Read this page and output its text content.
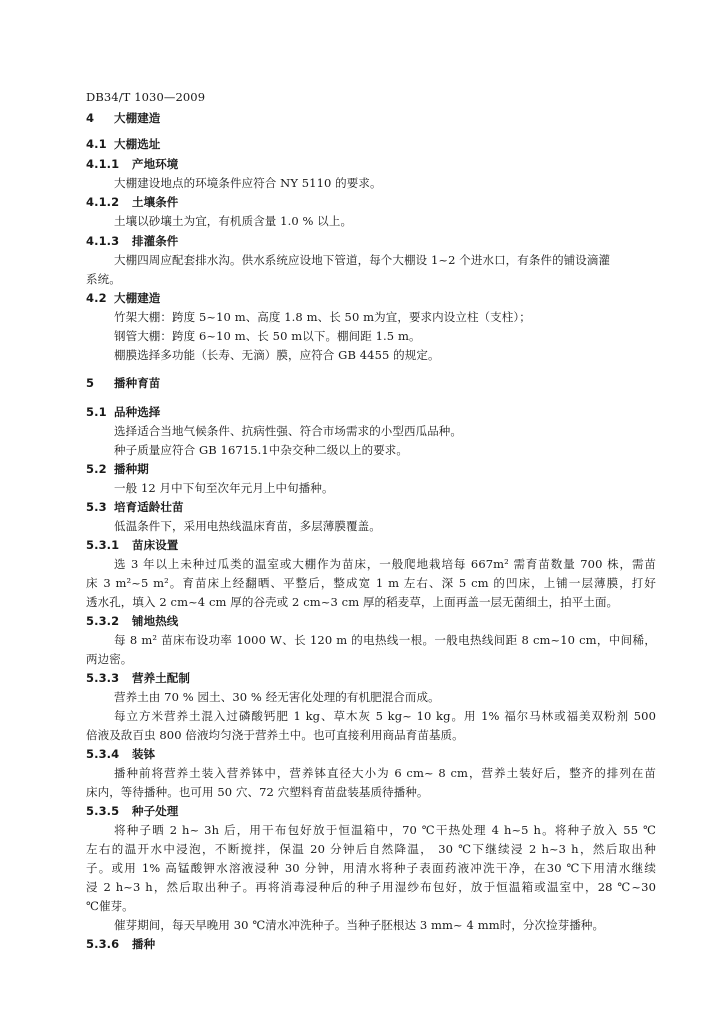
DB34/T 1030—2009
4 大棚建造
4.1 大棚选址
4.1.1 产地环境
大棚建设地点的环境条件应符合 NY 5110 的要求。
4.1.2 土壤条件
土壤以砂壤土为宜，有机质含量 1.0 % 以上。
4.1.3 排灌条件
大棚四周应配套排水沟。供水系统应设地下管道，每个大棚设 1~2 个进水口，有条件的铺设滴灌
系统。
4.2 大棚建造
竹架大棚：跨度 5~10 m、高度 1.8 m、长 50 m为宜，要求内设立柱（支柱）；
钢管大棚：跨度 6~10 m、长 50 m以下。棚间距 1.5 m。
棚膜选择多功能（长寿、无滴）膜，应符合 GB 4455 的规定。
5 播种育苗
5.1 品种选择
选择适合当地气候条件、抗病性强、符合市场需求的小型西瓜品种。
种子质量应符合 GB 16715.1中杂交种二级以上的要求。
5.2 播种期
一般 12 月中下旬至次年元月上中旬播种。
5.3 培育适龄壮苗
低温条件下，采用电热线温床育苗，多层薄膜覆盖。
5.3.1 苗床设置
选 3 年以上未种过瓜类的温室或大棚作为苗床，一般爬地栽培每 667m² 需育苗数量 700 株，需苗
床 3 m²~5 m²。育苗床上经翻晒、平整后，整成宽 1 m 左右、深 5 cm 的凹床，上铺一层薄膜，打好
透水孔，填入 2 cm~4 cm 厚的谷壳或 2 cm~3 cm 厚的稻麦草，上面再盖一层无菌细土，拍平土面。
5.3.2 铺地热线
每 8 m² 苗床布设功率 1000 W、长 120 m 的电热线一根。一般电热线间距 8 cm~10 cm，中间稀，
两边密。
5.3.3 营养土配制
营养土由 70 % 园土、30 % 经无害化处理的有机肥混合而成。
每立方米营养土混入过磷酸钙肥 1 kg、草木灰 5 kg~ 10 kg。用 1% 福尔马林或福美双粉剂 500
倍液及敌百虫 800 倍液均匀浇于营养土中。也可直接利用商品育苗基质。
5.3.4 装钵
播种前将营养土装入营养钵中，营养钵直径大小为 6 cm~ 8 cm，营养土装好后，整齐的排列在苗
床内，等待播种。也可用 50 穴、72 穴塑料育苗盘装基质待播种。
5.3.5 种子处理
将种子晒 2 h~ 3h 后，用干布包好放于恒温箱中，70 ℃干热处理 4 h~5 h。将种子放入 55 ℃
左右的温开水中浸泡，不断搅拌，保温 20 分钟后自然降温， 30 ℃下继续浸 2 h~3 h，然后取出种
子。或用 1% 高锰酸钾水溶液浸种 30 分钟，用清水将种子表面药液冲洗干净，在30 ℃下用清水继续
浸 2 h~3 h，然后取出种子。再将消毒浸种后的种子用湿纱布包好，放于恒温箱或温室中，28 ℃~30
℃催芽。
催芽期间，每天早晚用 30 ℃清水冲洗种子。当种子胚根达 3 mm~ 4 mm时，分次捡芽播种。
5.3.6 播种
